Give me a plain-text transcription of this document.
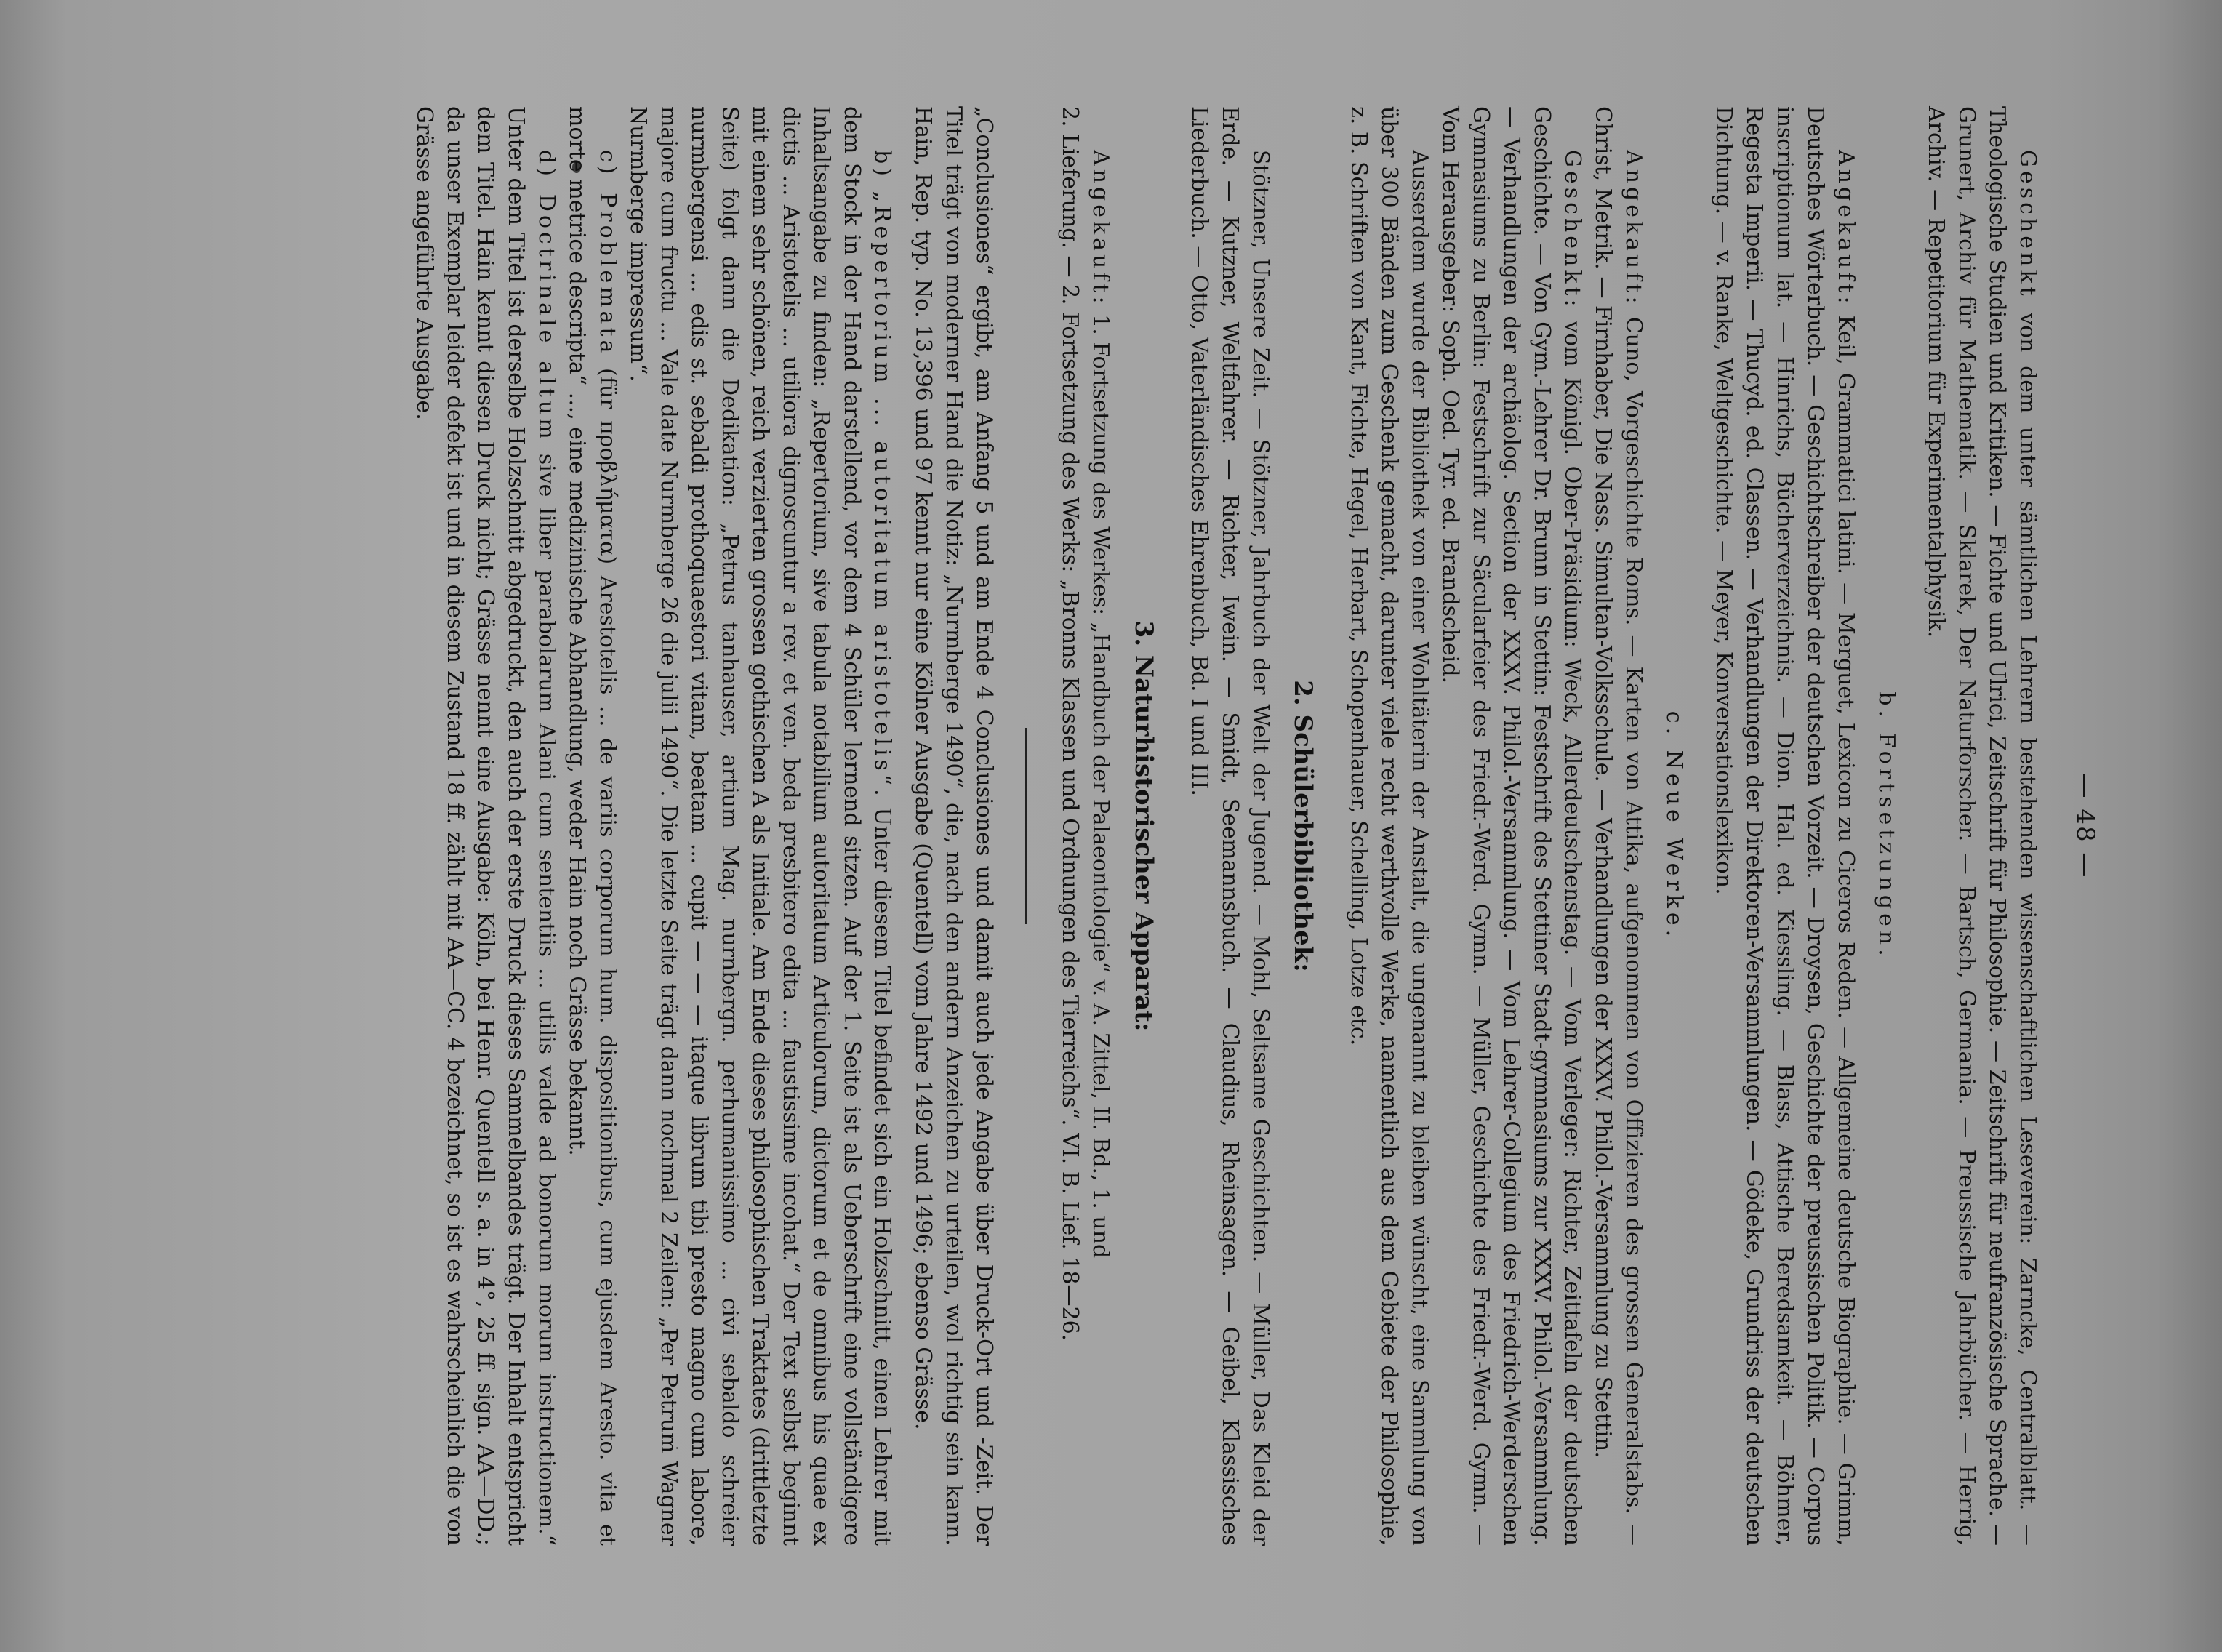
— 48 —

Geschenkt von dem unter sämtlichen Lehrern bestehenden wissenschaftlichen Leseverein: Zarncke, Centralblatt. — Theologische Studien und Kritiken. — Fichte und Ulrici, Zeitschrift für Philosophie. — Zeitschrift für neufranzösische Sprache. — Grunert, Archiv für Mathematik. — Sklarek, Der Naturforscher. — Bartsch, Germania. — Preussische Jahrbücher. — Herrig, Archiv. — Repetitorium für Experimentalphysik.

b. Fortsetzungen.

Angekauft: Keil, Grammatici latini. — Merguet, Lexicon zu Ciceros Reden. — Allgemeine deutsche Biographie. — Grimm, Deutsches Wörterbuch. — Geschichtschreiber der deutschen Vorzeit. — Droysen, Geschichte der preussischen Politik. — Corpus inscriptionum lat. — Hinrichs, Bücherverzeichnis. — Dion. Hal. ed. Kiessling. — Blass, Attische Beredsamkeit. — Böhmer, Regesta Imperii. — Thucyd. ed. Classen. — Verhandlungen der Direktoren-Versammlungen. — Gödeke, Grundriss der deutschen Dichtung. — v. Ranke, Weltgeschichte. — Meyer, Konversationslexikon.

c. Neue Werke.

Angekauft: Cuno, Vorgeschichte Roms. — Karten von Attika, aufgenommen von Offizieren des grossen Generalstabs. — Christ, Metrik. — Firnhaber, Die Nass. Simultan-Volksschule. — Verhandlungen der XXXV. Philol.-Versammlung zu Stettin.

Geschenkt: vom Königl. Ober-Präsidium: Weck, Allerdeutschenstag. — Vom Verleger: Richter, Zeittafeln der deutschen Geschichte. — Von Gym.-Lehrer Dr. Brunn in Stettin: Festschrift des Stettiner Stadt-gymnasiums zur XXXV. Philol.-Versammlung. — Verhandlungen der archäolog. Section der XXXV. Philol.-Versammlung. — Vom Lehrer-Collegium des Friedrich-Werderschen Gymnasiums zu Berlin: Festschrift zur Säcularfeier des Friedr.-Werd. Gymn. — Müller, Geschichte des Friedr.-Werd. Gymn. — Vom Herausgeber: Soph. Oed. Tyr. ed. Brandscheid.

Ausserdem wurde der Bibliothek von einer Wohltäterin der Anstalt, die ungenannt zu bleiben wünscht, eine Sammlung von über 300 Bänden zum Geschenk gemacht, darunter viele recht werthvolle Werke, namentlich aus dem Gebiete der Philosophie, z. B. Schriften von Kant, Fichte, Hegel, Herbart, Schopenhauer, Schelling, Lotze etc.

2. Schülerbibliothek:

Stötzner, Unsere Zeit. — Stötzner, Jahrbuch der Welt der Jugend. — Mohl, Seltsame Geschichten. — Müller, Das Kleid der Erde. — Kutzner, Weltfahrer. — Richter, Iwein. — Smidt, Seemannsbuch. — Claudius, Rheinsagen. — Geibel, Klassisches Liederbuch. — Otto, Vaterländisches Ehrenbuch, Bd. I und III.

3. Naturhistorischer Apparat:

Angekauft: 1. Fortsetzung des Werkes: „Handbuch der Palaeontologie“ v. A. Zittel, II. Bd., 1. und

2. Lieferung. — 2. Fortsetzung des Werks: „Bronns Klassen und Ordnungen des Tierreichs“. VI. B. Lief. 18—26.

„Conclusiones“ ergibt, am Anfang 5 und am Ende 4 Conclusiones und damit auch jede Angabe über Druck-Ort und -Zeit. Der Titel trägt von moderner Hand die Notiz: „Nurmberge 1490“, die, nach den andern Anzeichen zu urteilen, wol richtig sein kann. Hain, Rep. typ. No. 13,396 und 97 kennt nur eine Kölner Ausgabe (Quentell) vom Jahre 1492 und 1496; ebenso Grässe.

b) „Repertorium ... autoritatum aristotelis“. Unter diesem Titel befindet sich ein Holzschnitt, einen Lehrer mit dem Stock in der Hand darstellend, vor dem 4 Schüler lernend sitzen. Auf der 1. Seite ist als Ueberschrift eine vollständigere Inhaltsangabe zu finden: „Repertorium, sive tabula notabilium autoritatum Articulorum, dictorum et de omnibus his quae ex dictis ... Aristotelis ... utiliora dignoscuntur a rev. et ven. beda presbitero edita ... faustissime incohat.“ Der Text selbst beginnt mit einem sehr schönen, reich verzierten grossen gothischen A als Initiale. Am Ende dieses philosophischen Traktates (drittletzte Seite) folgt dann die Dedikation: „Petrus tanhauser, artium Mag. nurnbergn. perhumanissimo ... civi sebaldo schreier nurmbergensi ... edis st. sebaldi prothoquaestori vitam, beatam ... cupit — — — itaque librum tibi presto magno cum labore, majore cum fructu ... Vale date Nurmberge 26 die julii 1490“. Die letzte Seite trägt dann nochmal 2 Zeilen: „Per Petrum Wagner Nurmberge impressum“.

c) Problemata (für προβλήματα) Arestotelis ... de variis corporum hum. dispositionibus, cum ejusdem Aresto. vita et morte metrice descripta“ ..., eine medizinische Abhandlung, weder Hain noch Grässe bekannt.

d) Doctrinale altum sive liber parabolarum Alani cum sententiis ... utilis valde ad bonorum morum instructionem.“ Unter dem Titel ist derselbe Holzschnitt abgedruckt, den auch der erste Druck dieses Sammelbandes trägt. Der Inhalt entspricht dem Titel. Hain kennt diesen Druck nicht; Grässe nennt eine Ausgabe: Köln, bei Henr. Quentell s. a. in 4°, 25 ff. sign. AA—DD.; da unser Exemplar leider defekt ist und in diesem Zustand 18 ff. zählt mit AA—CC. 4 bezeichnet, so ist es wahrscheinlich die von Grässe angeführte Ausgabe.
